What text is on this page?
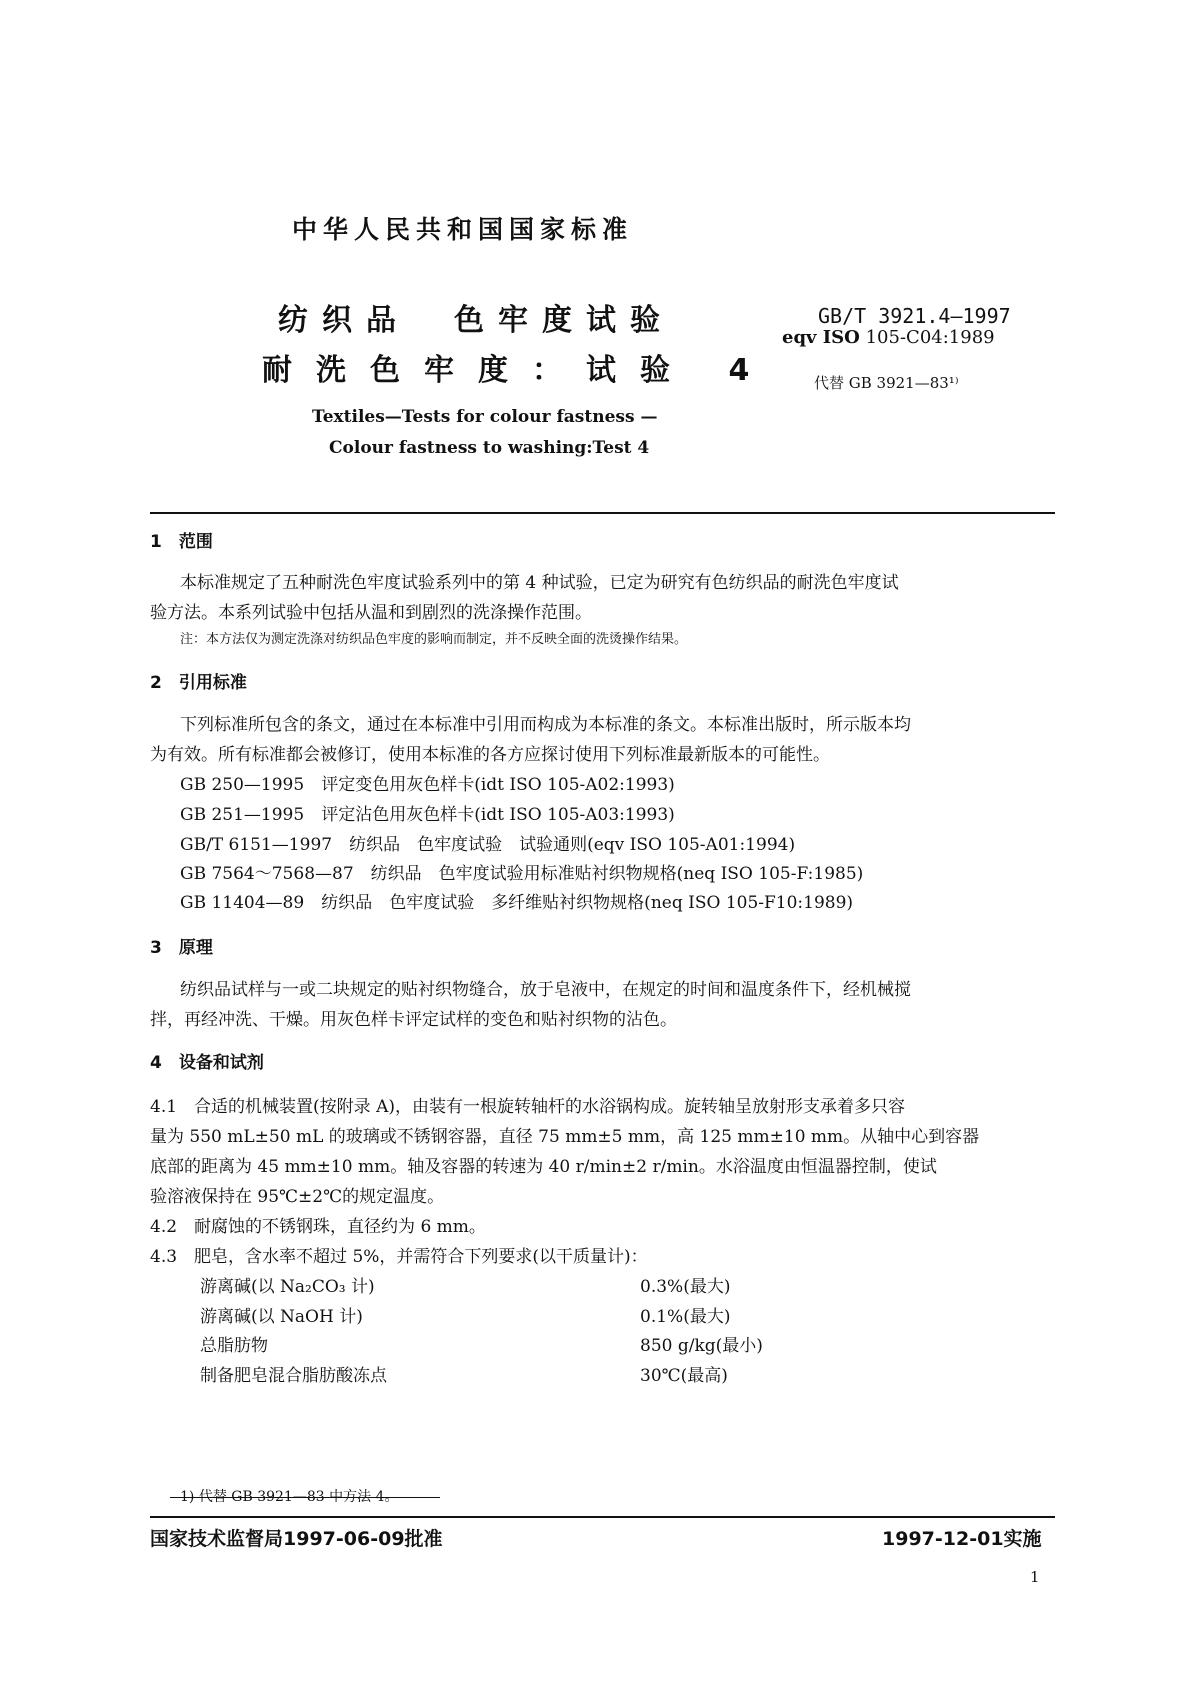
中华人民共和国国家标准
纺织品　色牢度试验
耐洗色牢度：试验 4
GB/T 3921.4—1997
eqv ISO 105-C04:1989
代替 GB 3921—83¹⁾
Textiles—Tests for colour fastness —
Colour fastness to washing:Test 4
1　范围
本标准规定了五种耐洗色牢度试验系列中的第 4 种试验，已定为研究有色纺织品的耐洗色牢度试
验方法。本系列试验中包括从温和到剧烈的洗涤操作范围。
注：本方法仅为测定洗涤对纺织品色牢度的影响而制定，并不反映全面的洗烫操作结果。
2　引用标准
下列标准所包含的条文，通过在本标准中引用而构成为本标准的条文。本标准出版时，所示版本均
为有效。所有标准都会被修订，使用本标准的各方应探讨使用下列标准最新版本的可能性。
GB 250—1995　评定变色用灰色样卡(idt ISO 105-A02:1993)
GB 251—1995　评定沾色用灰色样卡(idt ISO 105-A03:1993)
GB/T 6151—1997　纺织品　色牢度试验　试验通则(eqv ISO 105-A01:1994)
GB 7564～7568—87　纺织品　色牢度试验用标准贴衬织物规格(neq ISO 105-F:1985)
GB 11404—89　纺织品　色牢度试验　多纤维贴衬织物规格(neq ISO 105-F10:1989)
3　原理
纺织品试样与一或二块规定的贴衬织物缝合，放于皂液中，在规定的时间和温度条件下，经机械搅
拌，再经冲洗、干燥。用灰色样卡评定试样的变色和贴衬织物的沾色。
4　设备和试剂
4.1　合适的机械装置(按附录 A)，由装有一根旋转轴杆的水浴锅构成。旋转轴呈放射形支承着多只容
量为 550 mL±50 mL 的玻璃或不锈钢容器，直径 75 mm±5 mm，高 125 mm±10 mm。从轴中心到容器
底部的距离为 45 mm±10 mm。轴及容器的转速为 40 r/min±2 r/min。水浴温度由恒温器控制，使试
验溶液保持在 95℃±2℃的规定温度。
4.2　耐腐蚀的不锈钢珠，直径约为 6 mm。
4.3　肥皂，含水率不超过 5%，并需符合下列要求(以干质量计)：
游离碱(以 Na₂CO₃ 计)	0.3%(最大)
游离碱(以 NaOH 计)	0.1%(最大)
总脂肪物	850 g/kg(最小)
制备肥皂混合脂肪酸冻点	30℃(最高)
1) 代替 GB 3921—83 中方法 4。
国家技术监督局1997-06-09批准	1997-12-01实施
1
